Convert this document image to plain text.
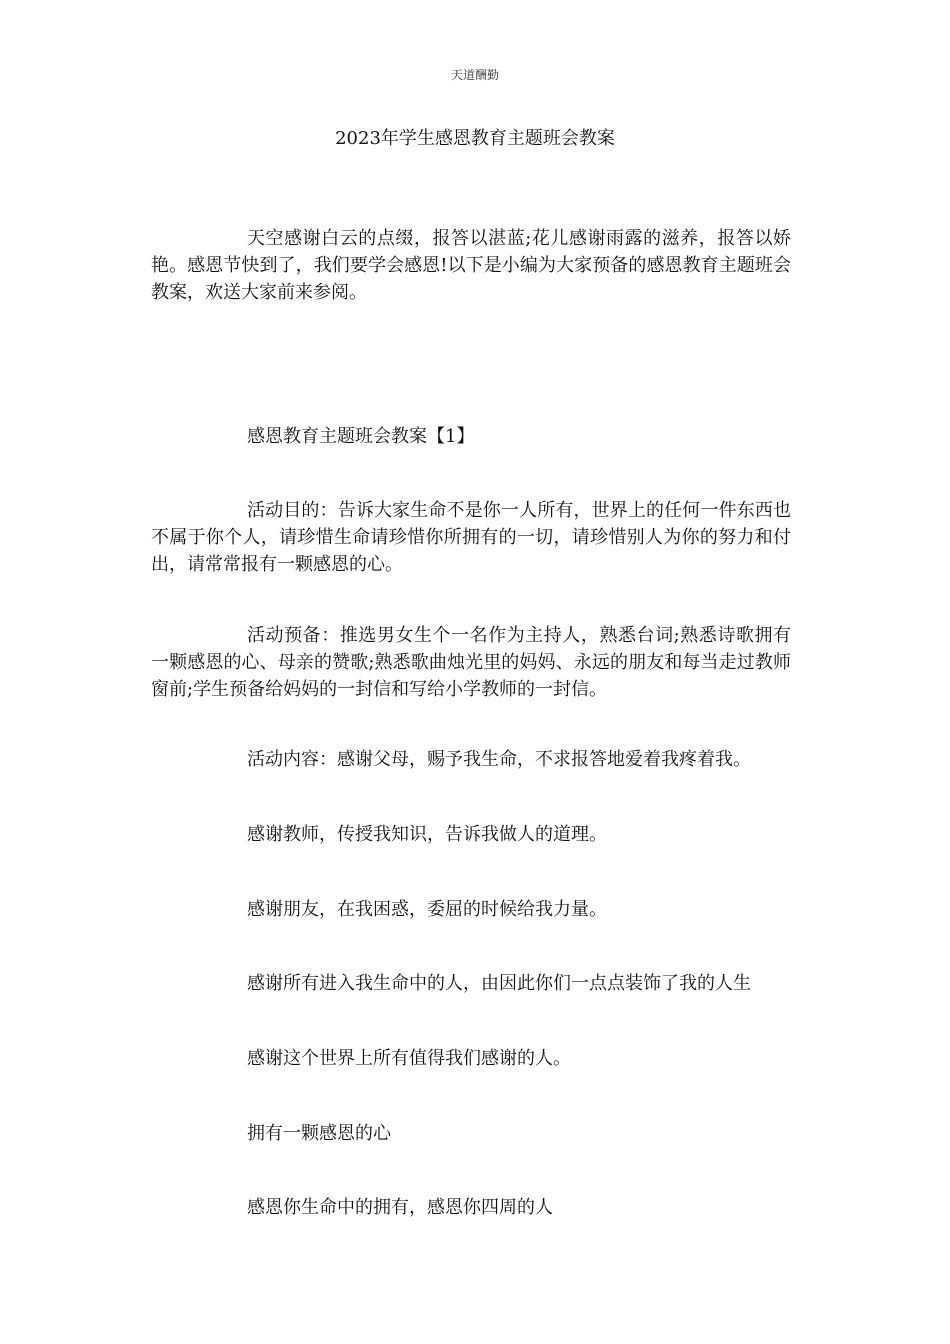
天道酬勤
2023年学生感恩教育主题班会教案

天空感谢白云的点缀，报答以湛蓝;花儿感谢雨露的滋养，报答以娇艳。感恩节快到了，我们要学会感恩!以下是小编为大家预备的感恩教育主题班会教案，欢送大家前来参阅。

感恩教育主题班会教案【1】

活动目的：告诉大家生命不是你一人所有，世界上的任何一件东西也不属于你个人，请珍惜生命请珍惜你所拥有的一切，请珍惜别人为你的努力和付出，请常常报有一颗感恩的心。

活动预备：推选男女生个一名作为主持人，熟悉台词;熟悉诗歌拥有一颗感恩的心、母亲的赞歌;熟悉歌曲烛光里的妈妈、永远的朋友和每当走过教师窗前;学生预备给妈妈的一封信和写给小学教师的一封信。

活动内容：感谢父母，赐予我生命，不求报答地爱着我疼着我。

感谢教师，传授我知识，告诉我做人的道理。

感谢朋友，在我困惑，委屈的时候给我力量。

感谢所有进入我生命中的人，由因此你们一点点装饰了我的人生

感谢这个世界上所有值得我们感谢的人。

拥有一颗感恩的心

感恩你生命中的拥有，感恩你四周的人
